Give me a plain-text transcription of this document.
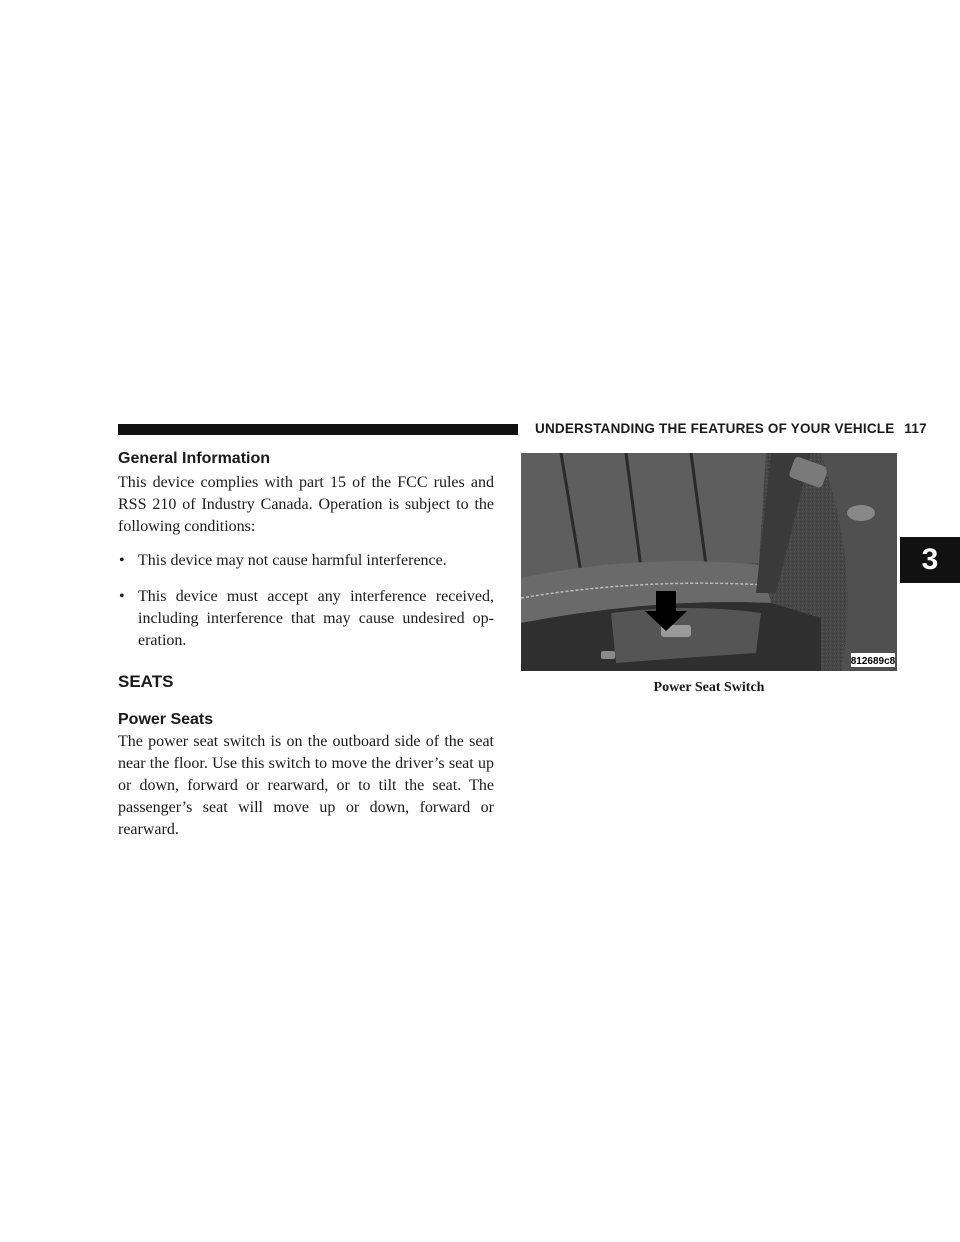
UNDERSTANDING THE FEATURES OF YOUR VEHICLE 117
3
General Information

This device complies with part 15 of the FCC rules and RSS 210 of Industry Canada. Operation is subject to the following conditions:

• This device may not cause harmful interference.
• This device must accept any interference received, including interference that may cause undesired op-eration.
SEATS
Power Seats

The power seat switch is on the outboard side of the seat near the floor. Use this switch to move the driver’s seat up or down, forward or rearward, or to tilt the seat. The passenger’s seat will move up or down, forward or rearward.

812689c8
Power Seat Switch
